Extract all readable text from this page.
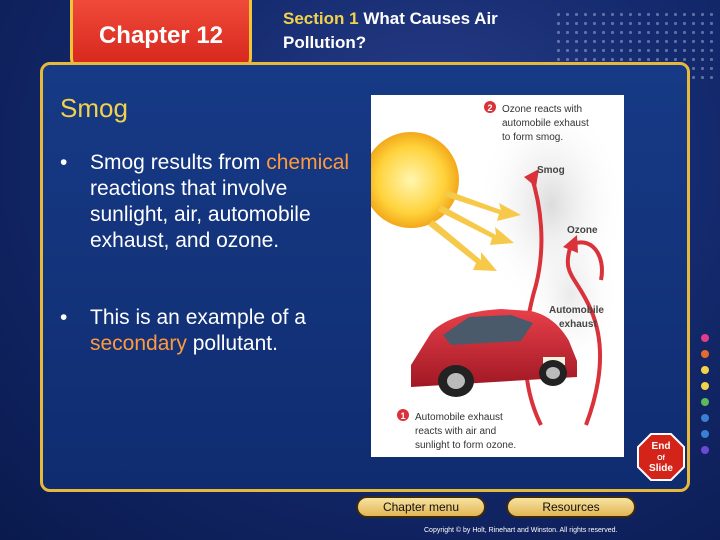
Chapter 12
Section 1 What Causes Air
Pollution?
Smog
• Smog results from chemical reactions that involve sunlight, air, automobile exhaust, and ozone.
• This is an example of a secondary pollutant.
2 Ozone reacts with
automobile exhaust
to form smog.
Smog
Ozone
Automobile
exhaust
1 Automobile exhaust
reacts with air and
sunlight to form ozone.	End
Of
Slide
Chapter menu	Resources
Copyright © by Holt, Rinehart and Winston. All rights reserved.
